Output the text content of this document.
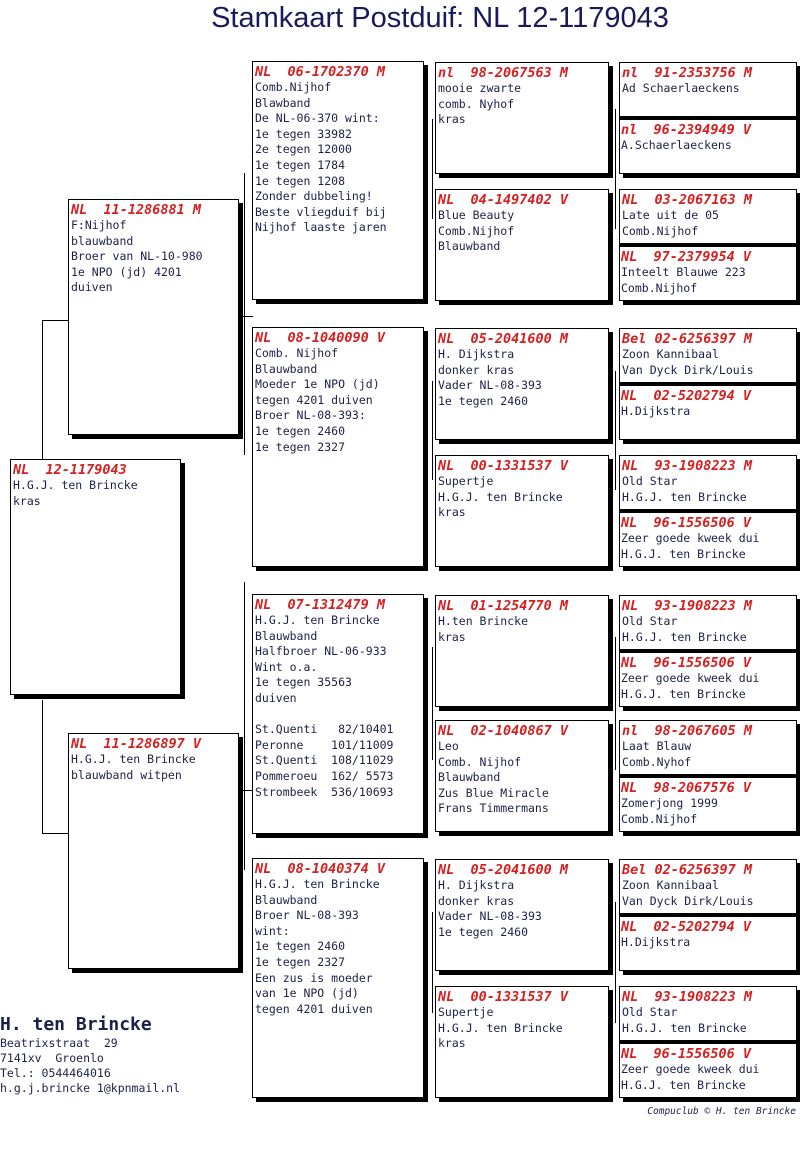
Stamkaart Postduif: NL 12-1179043
NL  12-1179043
H.G.J. ten Brincke
kras
NL  11-1286881 M
F:Nijhof
blauwband
Broer van NL-10-980
1e NPO (jd) 4201
duiven
NL  11-1286897 V
H.G.J. ten Brincke
blauwband witpen
NL  06-1702370 M
Comb.Nijhof
Blawband
De NL-06-370 wint:
1e tegen 33982
2e tegen 12000
1e tegen 1784
1e tegen 1208
Zonder dubbeling!
Beste vliegduif bij
Nijhof laaste jaren
NL  08-1040090 V
Comb. Nijhof
Blauwband
Moeder 1e NPO (jd)
tegen 4201 duiven
Broer NL-08-393:
1e tegen 2460
1e tegen 2327
NL  07-1312479 M
H.G.J. ten Brincke
Blauwband
Halfbroer NL-06-933
Wint o.a.
1e tegen 35563
duiven

St.Quenti   82/10401
Peronne    101/11009
St.Quenti  108/11029
Pommeroeu  162/ 5573
Strombeek  536/10693
NL  08-1040374 V
H.G.J. ten Brincke
Blauwband
Broer NL-08-393
wint:
1e tegen 2460
1e tegen 2327
Een zus is moeder
van 1e NPO (jd)
tegen 4201 duiven
nl  98-2067563 M
mooie zwarte
comb. Nyhof
kras
NL  04-1497402 V
Blue Beauty
Comb.Nijhof
Blauwband
NL  05-2041600 M
H. Dijkstra
donker kras
Vader NL-08-393
1e tegen 2460
NL  00-1331537 V
Supertje
H.G.J. ten Brincke
kras
NL  01-1254770 M
H.ten Brincke
kras
NL  02-1040867 V
Leo
Comb. Nijhof
Blauwband
Zus Blue Miracle
Frans Timmermans
NL  05-2041600 M
H. Dijkstra
donker kras
Vader NL-08-393
1e tegen 2460
NL  00-1331537 V
Supertje
H.G.J. ten Brincke
kras
nl  91-2353756 M
Ad Schaerlaeckens
nl  96-2394949 V
A.Schaerlaeckens
NL  03-2067163 M
Late uit de 05
Comb.Nijhof
NL  97-2379954 V
Inteelt Blauwe 223
Comb.Nijhof
Bel 02-6256397 M
Zoon Kannibaal
Van Dyck Dirk/Louis
NL  02-5202794 V
H.Dijkstra
NL  93-1908223 M
Old Star
H.G.J. ten Brincke
NL  96-1556506 V
Zeer goede kweek dui
H.G.J. ten Brincke
NL  93-1908223 M
Old Star
H.G.J. ten Brincke
NL  96-1556506 V
Zeer goede kweek dui
H.G.J. ten Brincke
nl  98-2067605 M
Laat Blauw
Comb.Nyhof
NL  98-2067576 V
Zomerjong 1999
Comb.Nijhof
Bel 02-6256397 M
Zoon Kannibaal
Van Dyck Dirk/Louis
NL  02-5202794 V
H.Dijkstra
NL  93-1908223 M
Old Star
H.G.J. ten Brincke
NL  96-1556506 V
Zeer goede kweek dui
H.G.J. ten Brincke
H. ten Brincke
Beatrixstraat  29
7141xv  Groenlo
Tel.: 0544464016
h.g.j.brincke 1@kpnmail.nl
Compuclub © H. ten Brincke
